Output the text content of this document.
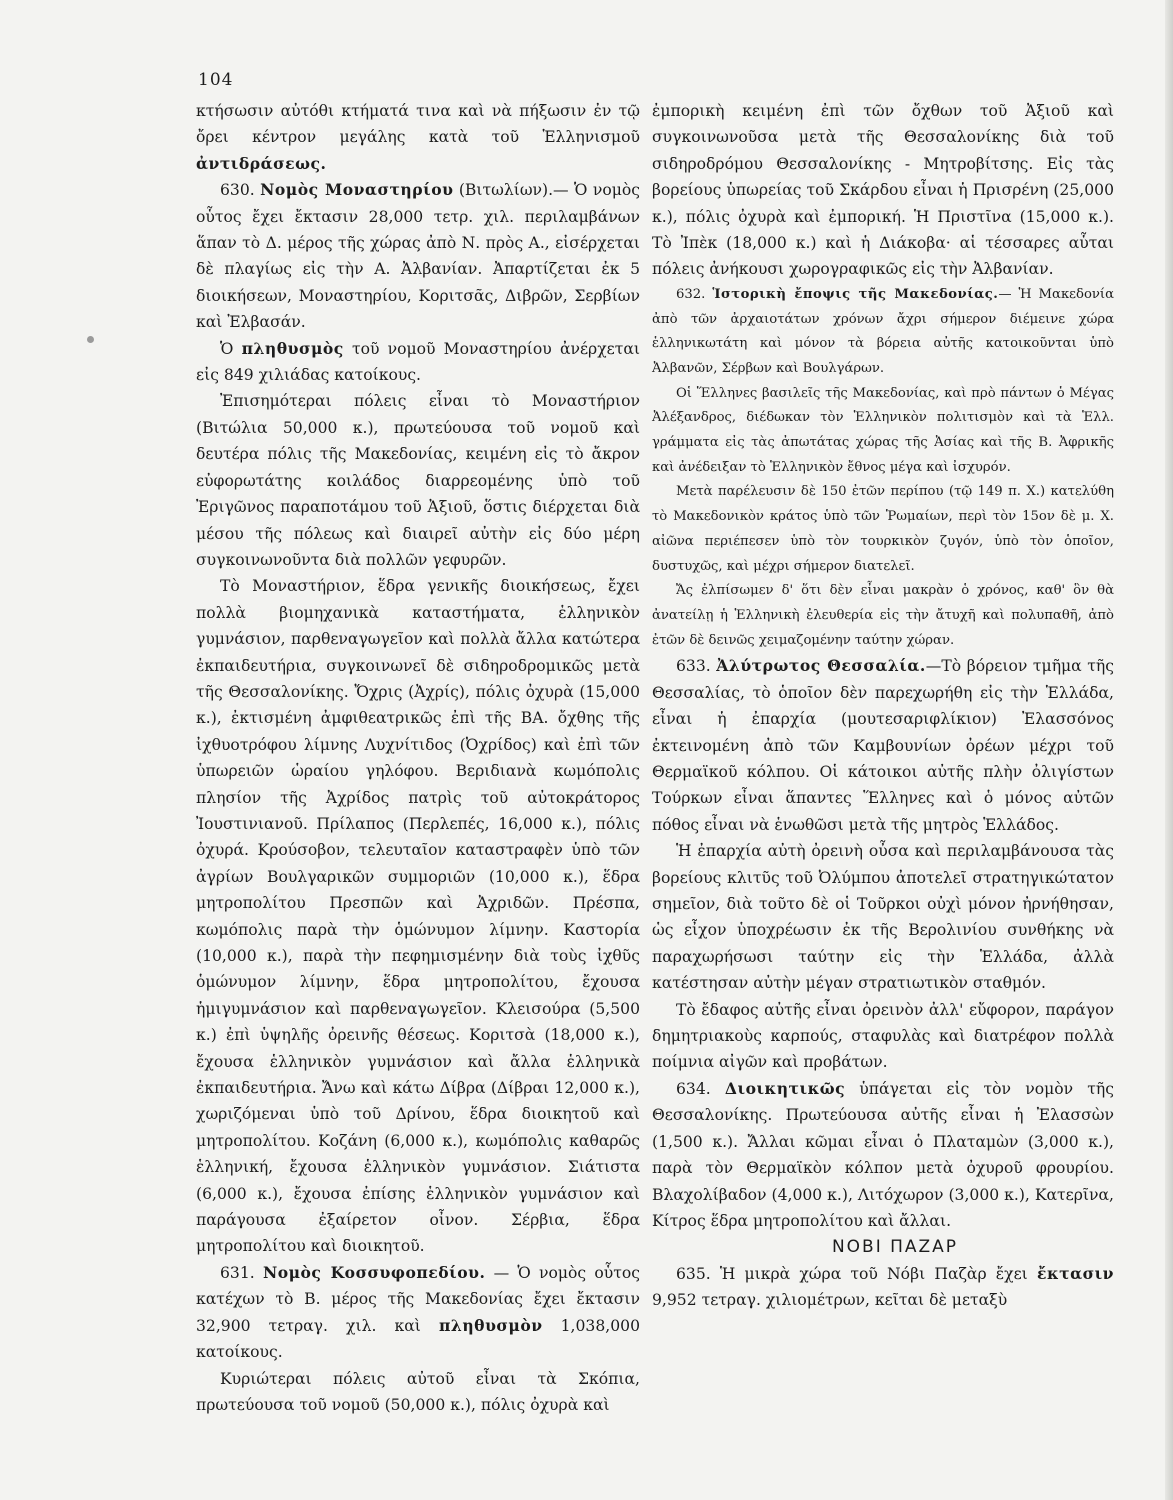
104

κτήσωσιν αὐτόθι κτήματά τινα καὶ νὰ πήξωσιν ἐν τῷ ὄρει κέντρον μεγάλης κατὰ τοῦ Ἑλληνισμοῦ ἀντιδράσεως.

630. Νομὸς Μοναστηρίου (Βιτωλίων).— Ὁ νομὸς οὗτος ἔχει ἔκτασιν 28,000 τετρ. χιλ. περιλαμβάνων ἅπαν τὸ Δ. μέρος τῆς χώρας ἀπὸ Ν. πρὸς Α., εἰσέρχεται δὲ πλαγίως εἰς τὴν Α. Ἀλβανίαν. Ἀπαρτίζεται ἐκ 5 διοικήσεων, Μοναστηρίου, Κοριτσᾶς, Διβρῶν, Σερβίων καὶ Ἐλβασάν.

Ὁ πληθυσμὸς τοῦ νομοῦ Μοναστηρίου ἀνέρχεται εἰς 849 χιλιάδας κατοίκους.

Ἐπισημότεραι πόλεις εἶναι τὸ Μοναστήριον (Βιτώλια 50,000 κ.), πρωτεύουσα τοῦ νομοῦ καὶ δευτέρα πόλις τῆς Μακεδονίας, κειμένη εἰς τὸ ἄκρον εὐφορωτάτης κοιλάδος διαρρεομένης ὑπὸ τοῦ Ἐριγῶνος παραποτάμου τοῦ Ἀξιοῦ, ὅστις διέρχεται διὰ μέσου τῆς πόλεως καὶ διαιρεῖ αὐτὴν εἰς δύο μέρη συγκοινωνοῦντα διὰ πολλῶν γεφυρῶν.

Τὸ Μοναστήριον, ἕδρα γενικῆς διοικήσεως, ἔχει πολλὰ βιομηχανικὰ καταστήματα, ἑλληνικὸν γυμνάσιον, παρθεναγωγεῖον καὶ πολλὰ ἄλλα κατώτερα ἐκπαιδευτήρια, συγκοινωνεῖ δὲ σιδηροδρομικῶς μετὰ τῆς Θεσσαλονίκης. Ὄχρις (Ἀχρίς), πόλις ὀχυρὰ (15,000 κ.), ἐκτισμένη ἀμφιθεατρικῶς ἐπὶ τῆς ΒΑ. ὄχθης τῆς ἰχθυοτρόφου λίμνης Λυχνίτιδος (Ὀχρίδος) καὶ ἐπὶ τῶν ὑπωρειῶν ὡραίου γηλόφου. Βεριδιανὰ κωμόπολις πλησίον τῆς Ἀχρίδος πατρὶς τοῦ αὐτοκράτορος Ἰουστινιανοῦ. Πρίλαπος (Περλεπές, 16,000 κ.), πόλις ὀχυρά. Κρούσοβον, τελευταῖον καταστραφὲν ὑπὸ τῶν ἀγρίων Βουλγαρικῶν συμμοριῶν (10,000 κ.), ἕδρα μητροπολίτου Πρεσπῶν καὶ Ἀχριδῶν. Πρέσπα, κωμόπολις παρὰ τὴν ὁμώνυμον λίμνην. Καστορία (10,000 κ.), παρὰ τὴν πεφημισμένην διὰ τοὺς ἰχθῦς ὁμώνυμον λίμνην, ἕδρα μητροπολίτου, ἔχουσα ἡμιγυμνάσιον καὶ παρθεναγωγεῖον. Κλεισούρα (5,500 κ.) ἐπὶ ὑψηλῆς ὀρεινῆς θέσεως. Κοριτσὰ (18,000 κ.), ἔχουσα ἑλληνικὸν γυμνάσιον καὶ ἄλλα ἑλληνικὰ ἐκπαιδευτήρια. Ἄνω καὶ κάτω Δίβρα (Δίβραι 12,000 κ.), χωριζόμεναι ὑπὸ τοῦ Δρίνου, ἕδρα διοικητοῦ καὶ μητροπολίτου. Κοζάνη (6,000 κ.), κωμόπολις καθαρῶς ἑλληνική, ἔχουσα ἑλληνικὸν γυμνάσιον. Σιάτιστα (6,000 κ.), ἔχουσα ἐπίσης ἑλληνικὸν γυμνάσιον καὶ παράγουσα ἐξαίρετον οἶνον. Σέρβια, ἕδρα μητροπολίτου καὶ διοικητοῦ.

631. Νομὸς Κοσσυφοπεδίου. — Ὁ νομὸς οὗτος κατέχων τὸ Β. μέρος τῆς Μακεδονίας ἔχει ἔκτασιν 32,900 τετραγ. χιλ. καὶ πληθυσμὸν 1,038,000 κατοίκους.

Κυριώτεραι πόλεις αὐτοῦ εἶναι τὰ Σκόπια, πρωτεύουσα τοῦ νομοῦ (50,000 κ.), πόλις ὀχυρὰ καὶ

ἐμπορικὴ κειμένη ἐπὶ τῶν ὄχθων τοῦ Ἀξιοῦ καὶ συγκοινωνοῦσα μετὰ τῆς Θεσσαλονίκης διὰ τοῦ σιδηροδρόμου Θεσσαλονίκης - Μητροβίτσης. Εἰς τὰς βορείους ὑπωρείας τοῦ Σκάρδου εἶναι ἡ Πρισρένη (25,000 κ.), πόλις ὀχυρὰ καὶ ἐμπορική. Ἡ Πριστῖνα (15,000 κ.). Τὸ Ἰπὲκ (18,000 κ.) καὶ ἡ Διάκοβα· αἱ τέσσαρες αὗται πόλεις ἀνήκουσι χωρογραφικῶς εἰς τὴν Ἀλβανίαν.

632. Ἱστορικὴ ἔποψις τῆς Μακεδονίας.— Ἡ Μακεδονία ἀπὸ τῶν ἀρχαιοτάτων χρόνων ἄχρι σήμερον διέμεινε χώρα ἑλληνικωτάτη καὶ μόνον τὰ βόρεια αὐτῆς κατοικοῦνται ὑπὸ Ἀλβανῶν, Σέρβων καὶ Βουλγάρων.

Οἱ Ἕλληνες βασιλεῖς τῆς Μακεδονίας, καὶ πρὸ πάντων ὁ Μέγας Ἀλέξανδρος, διέδωκαν τὸν Ἑλληνικὸν πολιτισμὸν καὶ τὰ Ἑλλ. γράμματα εἰς τὰς ἀπωτάτας χώρας τῆς Ἀσίας καὶ τῆς Β. Ἀφρικῆς καὶ ἀνέδειξαν τὸ Ἑλληνικὸν ἔθνος μέγα καὶ ἰσχυρόν.

Μετὰ παρέλευσιν δὲ 150 ἐτῶν περίπου (τῷ 149 π. Χ.) κατελύθη τὸ Μακεδονικὸν κράτος ὑπὸ τῶν Ῥωμαίων, περὶ τὸν 15ον δὲ μ. Χ. αἰῶνα περιέπεσεν ὑπὸ τὸν τουρκικὸν ζυγόν, ὑπὸ τὸν ὁποῖον, δυστυχῶς, καὶ μέχρι σήμερον διατελεῖ.

Ἄς ἐλπίσωμεν δ' ὅτι δὲν εἶναι μακρὰν ὁ χρόνος, καθ' ὃν θὰ ἀνατείλῃ ἡ Ἑλληνικὴ ἐλευθερία εἰς τὴν ἄτυχῆ καὶ πολυπαθῆ, ἀπὸ ἐτῶν δὲ δεινῶς χειμαζομένην ταύτην χώραν.

633. Ἀλύτρωτος Θεσσαλία.—Τὸ βόρειον τμῆμα τῆς Θεσσαλίας, τὸ ὁποῖον δὲν παρεχωρήθη εἰς τὴν Ἑλλάδα, εἶναι ἡ ἐπαρχία (μουτεσαριφλίκιον) Ἐλασσόνος ἐκτεινομένη ἀπὸ τῶν Καμβουνίων ὀρέων μέχρι τοῦ Θερμαϊκοῦ κόλπου. Οἱ κάτοικοι αὐτῆς πλὴν ὀλιγίστων Τούρκων εἶναι ἅπαντες Ἕλληνες καὶ ὁ μόνος αὐτῶν πόθος εἶναι νὰ ἑνωθῶσι μετὰ τῆς μητρὸς Ἑλλάδος.

Ἡ ἐπαρχία αὐτὴ ὀρεινὴ οὖσα καὶ περιλαμβάνουσα τὰς βορείους κλιτῦς τοῦ Ὀλύμπου ἀποτελεῖ στρατηγικώτατον σημεῖον, διὰ τοῦτο δὲ οἱ Τοῦρκοι οὐχὶ μόνον ἠρνήθησαν, ὡς εἶχον ὑποχρέωσιν ἐκ τῆς Βερολινίου συνθήκης νὰ παραχωρήσωσι ταύτην εἰς τὴν Ἑλλάδα, ἀλλὰ κατέστησαν αὐτὴν μέγαν στρατιωτικὸν σταθμόν.

Τὸ ἔδαφος αὐτῆς εἶναι ὀρεινὸν ἀλλ' εὔφορον, παράγον δημητριακοὺς καρπούς, σταφυλὰς καὶ διατρέφον πολλὰ ποίμνια αἰγῶν καὶ προβάτων.

634. Διοικητικῶς ὑπάγεται εἰς τὸν νομὸν τῆς Θεσσαλονίκης. Πρωτεύουσα αὐτῆς εἶναι ἡ Ἐλασσὼν (1,500 κ.). Ἄλλαι κῶμαι εἶναι ὁ Πλαταμὼν (3,000 κ.), παρὰ τὸν Θερμαϊκὸν κόλπον μετὰ ὀχυροῦ φρουρίου. Βλαχολίβαδον (4,000 κ.), Λιτόχωρον (3,000 κ.), Κατερῖνα, Κίτρος ἕδρα μητροπολίτου καὶ ἄλλαι.

ΝΟΒΙ ΠΑΖΑΡ

635. Ἡ μικρὰ χώρα τοῦ Νόβι Παζὰρ ἔχει ἔκτασιν 9,952 τετραγ. χιλιομέτρων, κεῖται δὲ μεταξὺ
